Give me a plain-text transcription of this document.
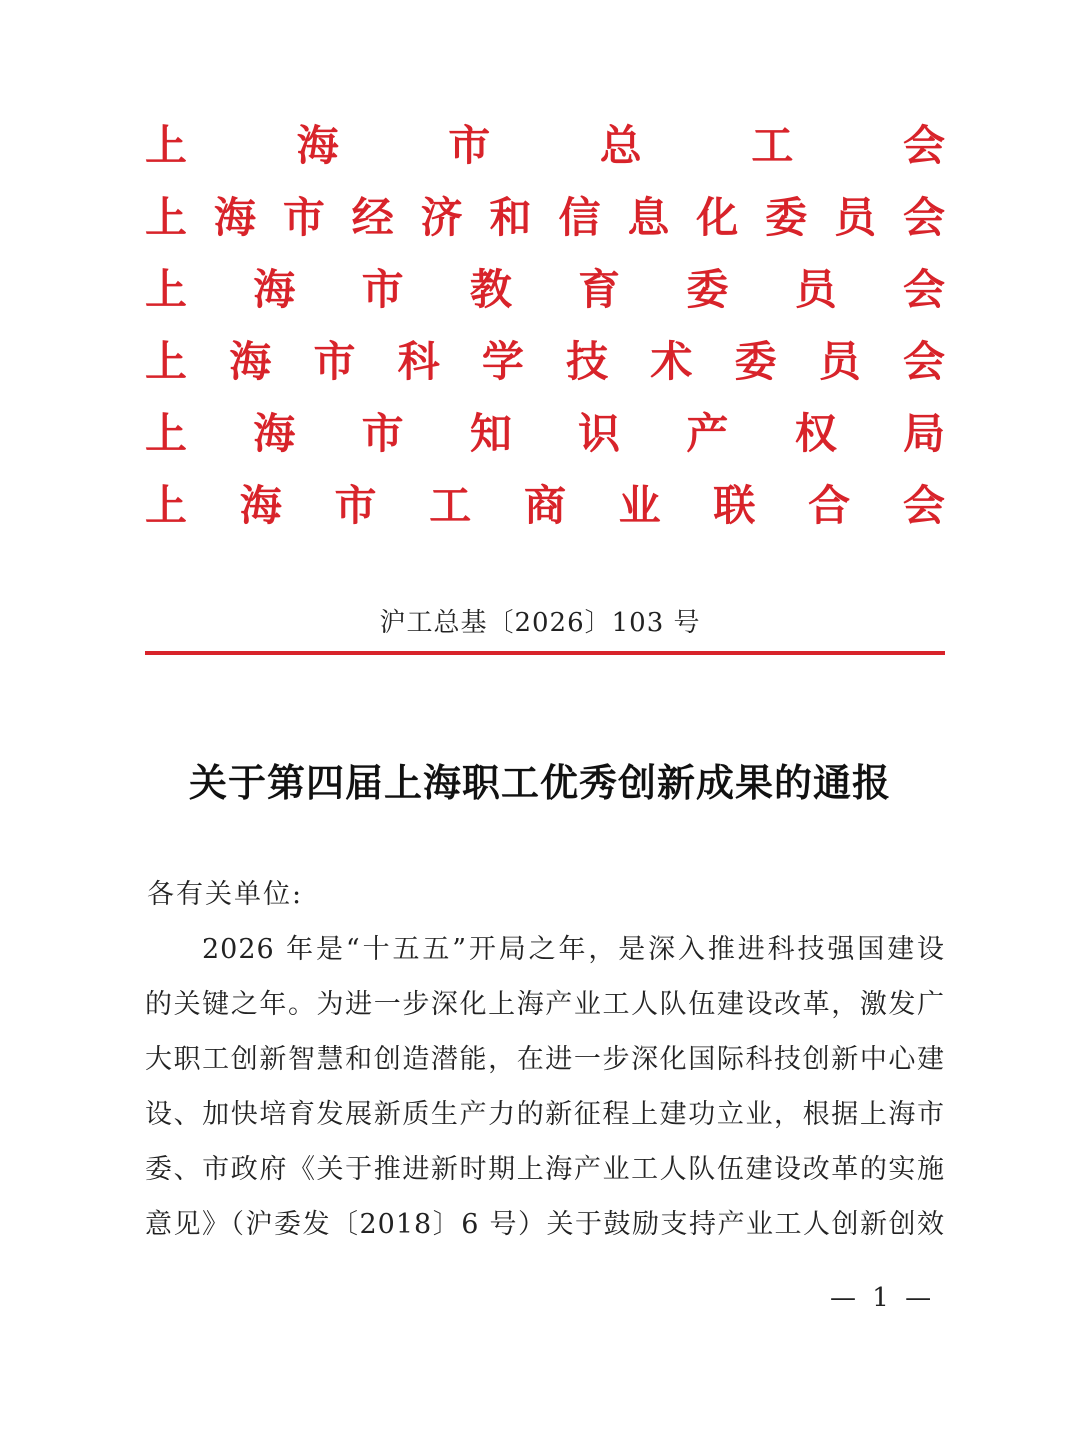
上	海	市	总	工	会
上 海 市 经 济 和 信 息 化 委 员 会
上 海 市 教 育 委 员 会
上 海 市 科 学 技 术 委 员 会
上 海 市 知 识 产 权 局
上 海 市 工 商 业 联 合 会
沪工总基〔2026〕103 号
关于第四届上海职工优秀创新成果的通报
各有关单位:
2026 年是“十五五”开局之年，是深入推进科技强国建设
的关键之年。为进一步深化上海产业工人队伍建设改革，激发广
大职工创新智慧和创造潜能，在进一步深化国际科技创新中心建
设、加快培育发展新质生产力的新征程上建功立业，根据上海市
委、市政府《关于推进新时期上海产业工人队伍建设改革的实施
意见》（沪委发〔2018〕6 号）关于鼓励支持产业工人创新创效
— 1 —
